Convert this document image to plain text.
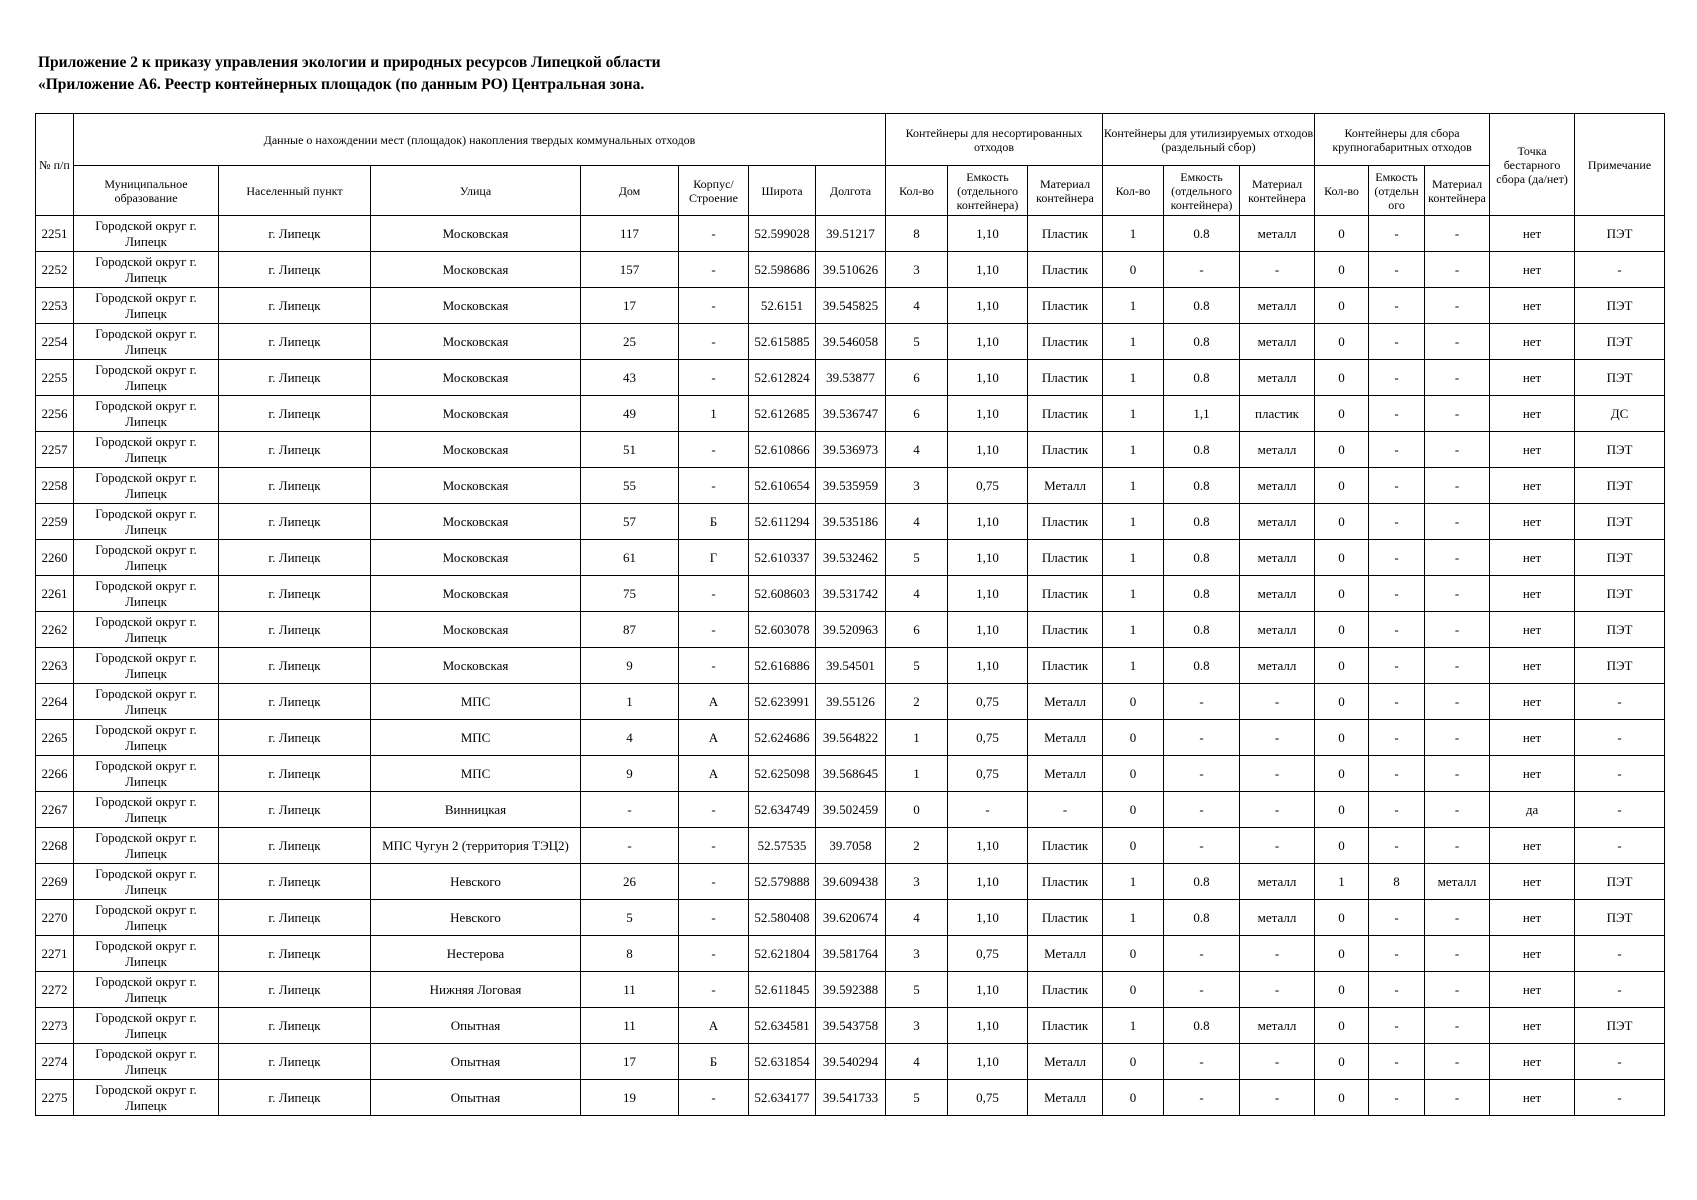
Приложение 2 к приказу управления экологии и природных ресурсов Липецкой области
«Приложение А6. Реестр контейнерных площадок (по данным РО) Центральная зона.
№ п/п	Данные о нахождении мест (площадок) накопления твердых коммунальных отходов							Контейнеры для несортированных отходов			Контейнеры для утилизируемых отходов (раздельный сбор)			Контейнеры для сбора крупногабаритных отходов			Точка бестарного сбора (да/нет)	Примечание
	Муниципальное образование	Населенный пункт	Улица	Дом	Корпус/ Строение	Широта	Долгота	Кол-во	Емкость (отдельного контейнера)	Материал контейнера	Кол-во	Емкость (отдельного контейнера)	Материал контейнера	Кол-во	Емкость (отдельн ого	Материал контейнера		
2251	Городской округ г. Липецк	г. Липецк	Московская	117	-	52.599028	39.51217	8	1,10	Пластик	1	0.8	металл	0	-	-	нет	ПЭТ
2252	Городской округ г. Липецк	г. Липецк	Московская	157	-	52.598686	39.510626	3	1,10	Пластик	0	-	-	0	-	-	нет	-
2253	Городской округ г. Липецк	г. Липецк	Московская	17	-	52.6151	39.545825	4	1,10	Пластик	1	0.8	металл	0	-	-	нет	ПЭТ
2254	Городской округ г. Липецк	г. Липецк	Московская	25	-	52.615885	39.546058	5	1,10	Пластик	1	0.8	металл	0	-	-	нет	ПЭТ
2255	Городской округ г. Липецк	г. Липецк	Московская	43	-	52.612824	39.53877	6	1,10	Пластик	1	0.8	металл	0	-	-	нет	ПЭТ
2256	Городской округ г. Липецк	г. Липецк	Московская	49	1	52.612685	39.536747	6	1,10	Пластик	1	1,1	пластик	0	-	-	нет	ДС
2257	Городской округ г. Липецк	г. Липецк	Московская	51	-	52.610866	39.536973	4	1,10	Пластик	1	0.8	металл	0	-	-	нет	ПЭТ
2258	Городской округ г. Липецк	г. Липецк	Московская	55	-	52.610654	39.535959	3	0,75	Металл	1	0.8	металл	0	-	-	нет	ПЭТ
2259	Городской округ г. Липецк	г. Липецк	Московская	57	Б	52.611294	39.535186	4	1,10	Пластик	1	0.8	металл	0	-	-	нет	ПЭТ
2260	Городской округ г. Липецк	г. Липецк	Московская	61	Г	52.610337	39.532462	5	1,10	Пластик	1	0.8	металл	0	-	-	нет	ПЭТ
2261	Городской округ г. Липецк	г. Липецк	Московская	75	-	52.608603	39.531742	4	1,10	Пластик	1	0.8	металл	0	-	-	нет	ПЭТ
2262	Городской округ г. Липецк	г. Липецк	Московская	87	-	52.603078	39.520963	6	1,10	Пластик	1	0.8	металл	0	-	-	нет	ПЭТ
2263	Городской округ г. Липецк	г. Липецк	Московская	9	-	52.616886	39.54501	5	1,10	Пластик	1	0.8	металл	0	-	-	нет	ПЭТ
2264	Городской округ г. Липецк	г. Липецк	МПС	1	А	52.623991	39.55126	2	0,75	Металл	0	-	-	0	-	-	нет	-
2265	Городской округ г. Липецк	г. Липецк	МПС	4	А	52.624686	39.564822	1	0,75	Металл	0	-	-	0	-	-	нет	-
2266	Городской округ г. Липецк	г. Липецк	МПС	9	А	52.625098	39.568645	1	0,75	Металл	0	-	-	0	-	-	нет	-
2267	Городской округ г. Липецк	г. Липецк	Винницкая	-	-	52.634749	39.502459	0	-	-	0	-	-	0	-	-	да	-
2268	Городской округ г. Липецк	г. Липецк	МПС Чугун 2 (территория ТЭЦ2)	-	-	52.57535	39.7058	2	1,10	Пластик	0	-	-	0	-	-	нет	-
2269	Городской округ г. Липецк	г. Липецк	Невского	26	-	52.579888	39.609438	3	1,10	Пластик	1	0.8	металл	1	8	металл	нет	ПЭТ
2270	Городской округ г. Липецк	г. Липецк	Невского	5	-	52.580408	39.620674	4	1,10	Пластик	1	0.8	металл	0	-	-	нет	ПЭТ
2271	Городской округ г. Липецк	г. Липецк	Нестерова	8	-	52.621804	39.581764	3	0,75	Металл	0	-	-	0	-	-	нет	-
2272	Городской округ г. Липецк	г. Липецк	Нижняя Логовая	11	-	52.611845	39.592388	5	1,10	Пластик	0	-	-	0	-	-	нет	-
2273	Городской округ г. Липецк	г. Липецк	Опытная	11	А	52.634581	39.543758	3	1,10	Пластик	1	0.8	металл	0	-	-	нет	ПЭТ
2274	Городской округ г. Липецк	г. Липецк	Опытная	17	Б	52.631854	39.540294	4	1,10	Металл	0	-	-	0	-	-	нет	-
2275	Городской округ г. Липецк	г. Липецк	Опытная	19	-	52.634177	39.541733	5	0,75	Металл	0	-	-	0	-	-	нет	-
